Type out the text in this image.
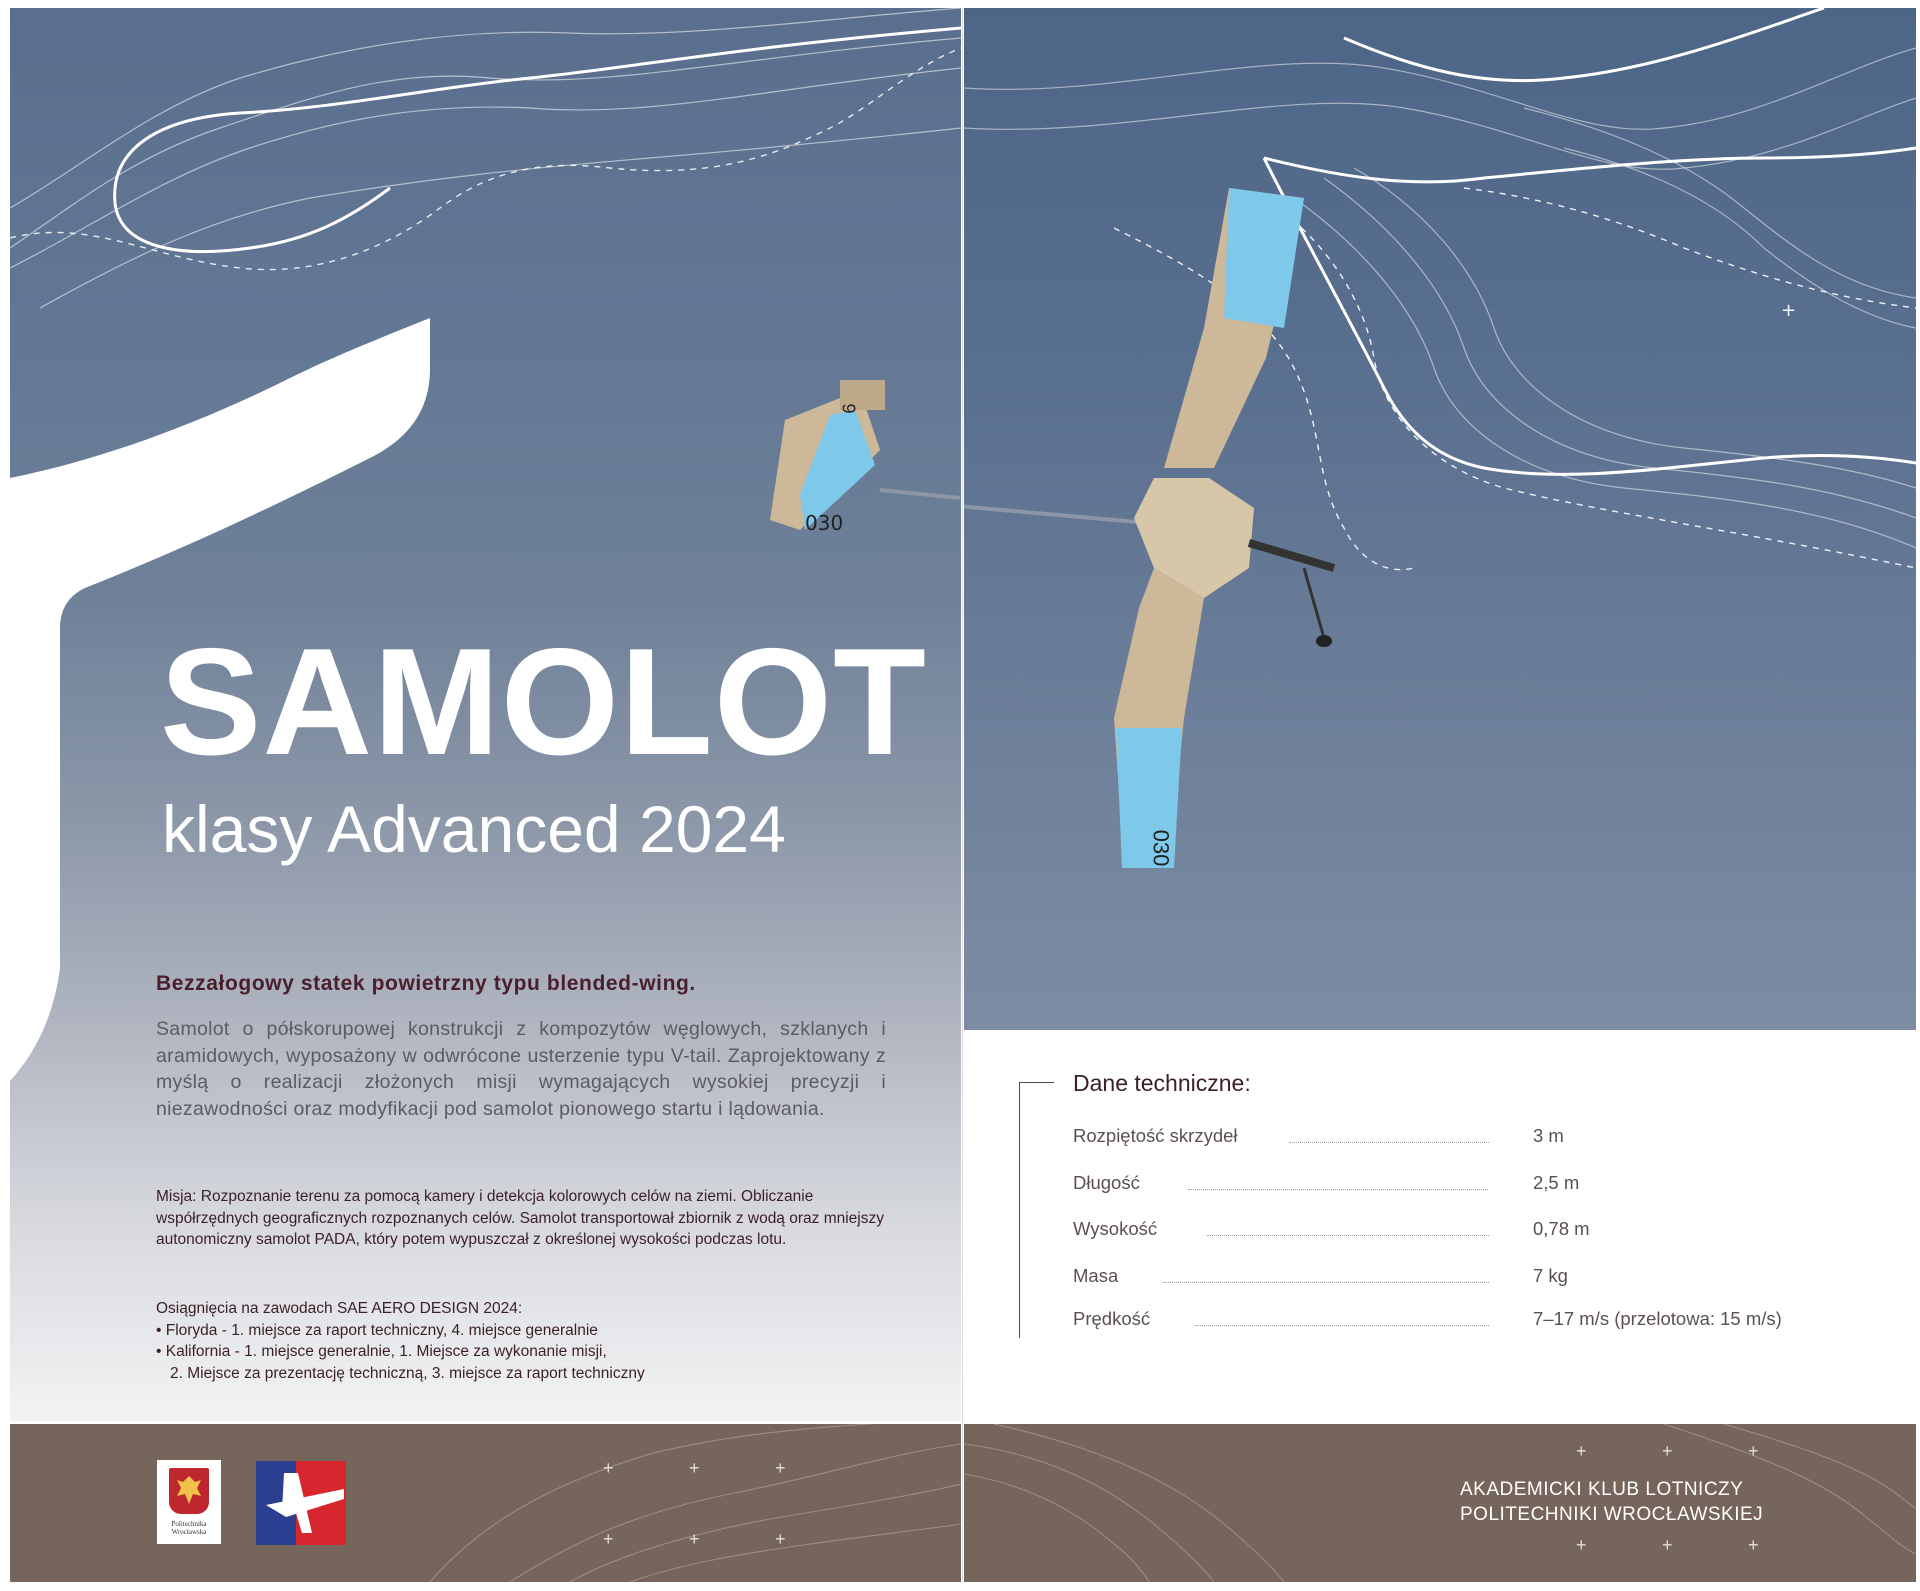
SAMOLOT
klasy Advanced 2024
+
030
Bezzałogowy statek powietrzny typu blended-wing.
Samolot o półskorupowej konstrukcji z kompozytów węglowych, szklanych i aramidowych, wyposażony w odwrócone usterzenie typu V-tail. Zaprojektowany z myślą o realizacji złożonych misji wymagających wysokiej precyzji i niezawodności oraz modyfikacji pod samolot pionowego startu i lądowania.
Misja: Rozpoznanie terenu za pomocą kamery i detekcja kolorowych celów na ziemi. Obliczanie współrzędnych geograficznych rozpoznanych celów. Samolot transportował zbiornik z wodą oraz mniejszy autonomiczny samolot PADA, który potem wypuszczał z określonej wysokości podczas lotu.
Osiągnięcia na zawodach SAE AERO DESIGN 2024:
• Floryda - 1. miejsce za raport techniczny, 4. miejsce generalnie
• Kalifornia - 1. miejsce generalnie, 1. Miejsce za wykonanie misji,
2. Miejsce za prezentację techniczną, 3. miejsce za raport techniczny
Dane techniczne:
Rozpiętość skrzydeł	3 m
Długość	2,5 m
Wysokość	0,78 m
Masa	7 kg
Prędkość	7–17 m/s (przelotowa: 15 m/s)
+	+	+
+	+	+
+	+	+
+	+	+
Politechnika Wrocławska
AKADEMICKI KLUB LOTNICZY
POLITECHNIKI WROCŁAWSKIEJ
030
9
